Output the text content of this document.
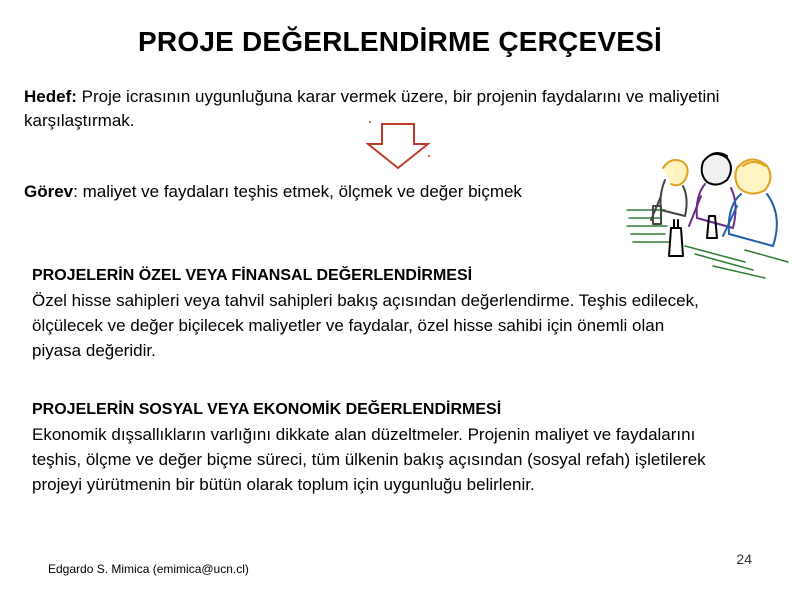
PROJE DEĞERLENDİRME ÇERÇEVESİ
Hedef: Proje icrasının uygunluğuna karar vermek üzere, bir projenin faydalarını ve maliyetini karşılaştırmak.
Görev: maliyet ve faydaları teşhis etmek, ölçmek ve değer biçmek
PROJELERİN ÖZEL VEYA FİNANSAL DEĞERLENDİRMESİ
Özel hisse sahipleri veya tahvil sahipleri bakış açısından değerlendirme. Teşhis edilecek, ölçülecek ve değer biçilecek maliyetler ve faydalar, özel hisse sahibi için önemli olan piyasa değeridir.
PROJELERİN SOSYAL VEYA EKONOMİK DEĞERLENDİRMESİ
Ekonomik dışsallıkların varlığını dikkate alan düzeltmeler. Projenin maliyet ve faydalarını teşhis, ölçme ve değer biçme süreci, tüm ülkenin bakış açısından (sosyal refah) işletilerek projeyi yürütmenin bir bütün olarak toplum için uygunluğu belirlenir.
Edgardo S. Mimica (emimica@ucn.cl)
24
